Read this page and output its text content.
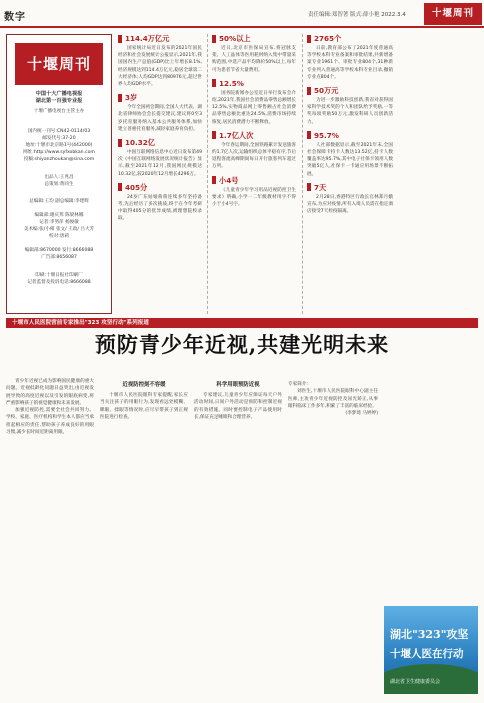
数字	责任编辑:郑智著 版式:薛小艳 2022.3.4	十堰周刊
十堰周刊
中国十大广播电视报
湖北第一百强专业报
十堰广播电视台主管主办
国内统一刊号:CN42-0114/03
邮发代号:37-20
地址:十堰市北京路1号(442000)
网址:http://www.syfxobkan.com
投稿:shiyanzhoukan@sina.com
出品人:王兆昌
总策划:黄同生
总编辑:王均 副总编辑:李建辉
编辑部:谢庆邦 陈梁林娜
记者:李努萍 杨俊敏
美术编:张/小相 张文/ 王政/ 吕大芳
校对:唐莉
编辑部:8670000 发行:8666088
广告部:8656087
印刷:十堰日报社印刷厂
记者监督及投诉电话:8666088
114.4万亿元
国家统计局近日发布的2021年国民经济和社会发展统计公报显示,2021年,我国国内生产总值(GDP)比上年增长8.1%,经济规模达到114.4万亿元,稳居全球第二大经济体;人均GDP达到80976元,超过世界人均GDP水平。
3岁
今年全国两会期间,全国人大代表、湖北省律师协会会长提交建议,建议将0至3岁托育服务纳入基本公共服务体系,加快建立普惠托育服务,减轻家庭养育负担。
10.32亿
中国互联网络信息中心近日发布第49次《中国互联网络发展状况统计报告》显示,截至2021年12月,我国网民规模达10.32亿,较2020年12月增长4296万。
405分
24岁广东姑娘萌萌连续多年坚持备考,先后经历了多次挑战,终于在今年考研中取得405分的优异成绩,被理想院校录取。
50%以上
近日,北京市医保局宣布,将冠脉支架、人工晶体等医用耗材纳入集中带量采购范围,中选产品平均降价50%以上,每年可为患者节省大量费用。
12.5%
国务院新闻办公室近日举行发布会介绍,2021年,我国社会消费品零售总额增长12.5%,实物商品网上零售额占社会消费品零售总额比重达24.5%,消费市场持续恢复,居民消费潜力不断释放。
1.7亿人次
今年春运期间,全国铁路累计发送旅客约1.7亿人次,运输组织总体平稳有序,节后返程客流高峰期间每日开行旅客列车超过万列。
小4号
《儿童青少年学习用品近视防控卫生要求》明确,小学一二年级教材用字不得小于小4号字。
2765个
日前,教育部公布了2021年度普通高等学校本科专业备案和审批结果,共新增备案专业1961个、审批专业804个,31种新专业列入普通高等学校本科专业目录,撤销专业点804个。
50万元
为进一步激励科技创新,我省对获得国家科学技术奖的个人和团队给予奖励,一等奖每项奖励50万元,激发科研人员创新活力。
95.7%
人社部数据显示,截至2021年末,全国社会保障卡持卡人数达13.52亿,持卡人数覆盖率达95.7%,其中电子社保卡领用人数突破5亿人,社保卡一卡通应用场景不断拓展。
7天
2月28日,香港特区行政长官林郑月娥宣布,为应对疫情,所有入境人员需在指定酒店接受7天检疫隔离。
十堰市人民医院营前专家推出"323 攻坚行动"系列报道
预防青少年近视,共建光明未来
青少年近视已成为影响国民健康的重大问题。近视低龄化问题日益突出,由近视发展导致的高度近视以及引发的眼底病变,将严重影响孩子的视觉健康和未来发展。
加强近视防控,需要全社会共同努力。学校、家庭、医疗机构和学生本人都应当承担起相应的责任,帮助孩子养成良好的用眼习惯,减少长时间近距离用眼。
近视防控刻不容缓
十堰市人民医院眼科专家提醒,家长应当关注孩子的用眼行为,发现看远处模糊、眯眼、揉眼等情况时,应尽早带孩子到正规医院进行检查。
科学用眼预防近视
专家建议,儿童青少年应保证每天户外活动时间,日间户外活动是预防和控制近视的有效措施。同时要控制电子产品使用时长,保证充足睡眠和合理营养。
专家简介:
刘医生,十堰市人民医院眼科中心副主任医师,主攻青少年近视防控及屈光矫正,从事眼科临床工作多年,积累了丰富的临床经验。
(李梦琦 马婷婷)
湖北"323"攻坚
十堰人医在行动
湖北省卫生健康委员会
